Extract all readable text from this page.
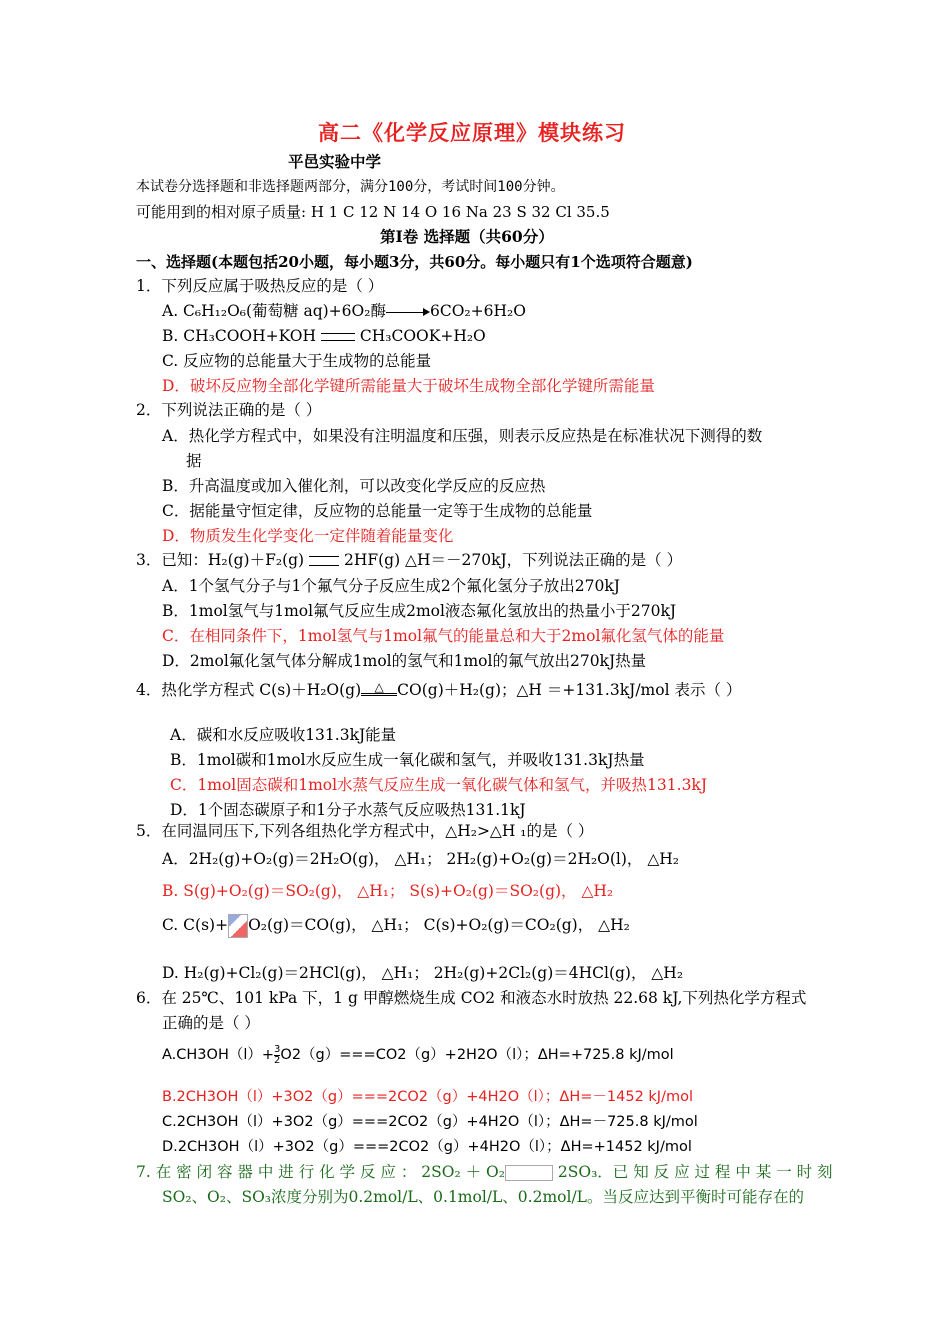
高二《化学反应原理》模块练习
平邑实验中学
本试卷分选择题和非选择题两部分，满分100分，考试时间100分钟。
可能用到的相对原子质量: H 1 C 12 N 14 O 16 Na 23 S 32 Cl 35.5
第Ⅰ卷 选择题（共60分）
一、选择题(本题包括20小题，每小题3分，共60分。每小题只有1个选项符合题意)
1．下列反应属于吸热反应的是（ ）
A. C₆H₁₂O₆(葡萄糖 aq)+6O₂酶	6CO₂+6H₂O
B. CH₃COOH+KOH	CH₃COOK+H₂O
C. 反应物的总能量大于生成物的总能量
D．破坏反应物全部化学键所需能量大于破坏生成物全部化学键所需能量
2．下列说法正确的是（ ）
A．热化学方程式中，如果没有注明温度和压强，则表示反应热是在标准状况下测得的数
据
B．升高温度或加入催化剂，可以改变化学反应的反应热
C．据能量守恒定律，反应物的总能量一定等于生成物的总能量
D．物质发生化学变化一定伴随着能量变化
3．已知：H₂(g)＋F₂(g)	2HF(g) △H＝－270kJ，下列说法正确的是（ ）
A．1个氢气分子与1个氟气分子反应生成2个氟化氢分子放出270kJ
B．1mol氢气与1mol氟气反应生成2mol液态氟化氢放出的热量小于270kJ
C．在相同条件下，1mol氢气与1mol氟气的能量总和大于2mol氟化氢气体的能量
D．2mol氟化氢气体分解成1mol的氢气和1mol的氟气放出270kJ热量
4．热化学方程式 C(s)＋H₂O(g) △ CO(g)＋H₂(g)；△H ＝+131.3kJ/mol 表示（ ）
A．碳和水反应吸收131.3kJ能量
B．1mol碳和1mol水反应生成一氧化碳和氢气，并吸收131.3kJ热量
C．1mol固态碳和1mol水蒸气反应生成一氧化碳气体和氢气，并吸热131.3kJ
D．1个固态碳原子和1分子水蒸气反应吸热131.1kJ
5．在同温同压下,下列各组热化学方程式中，△H₂>△H ₁的是（ ）
A．2H₂(g)+O₂(g)＝2H₂O(g)， △H₁； 2H₂(g)+O₂(g)＝2H₂O(l)， △H₂
B. S(g)+O₂(g)＝SO₂(g)， △H₁； S(s)+O₂(g)＝SO₂(g)， △H₂
C. C(s)+ O₂(g)＝CO(g)， △H₁； C(s)+O₂(g)＝CO₂(g)， △H₂
D. H₂(g)+Cl₂(g)＝2HCl(g)， △H₁； 2H₂(g)+2Cl₂(g)＝4HCl(g)， △H₂
6．在 25℃、101 kPa 下，1 g 甲醇燃烧生成 CO2 和液态水时放热 22.68 kJ,下列热化学方程式
正确的是（ ）
$A.CH3OH(l)+ \frac{3}{2} O2(g)===CO2(g)+2H2O(l)$；ΔH=+725.8 kJ/mol
B.2CH3OH（l）+3O2（g）===2CO2（g）+4H2O（l）；ΔH=－1452 kJ/mol
C.2CH3OH（l）+3O2（g）===2CO2（g）+4H2O（l）；ΔH=－725.8 kJ/mol
D.2CH3OH（l）+3O2（g）===2CO2（g）+4H2O（l）；ΔH=+1452 kJ/mol
7. 在 密 闭 容 器 中 进 行 化 学 反 应 ： 2SO₂ ＋ O₂	2SO₃．已 知 反 应 过 程 中 某 一 时 刻
SO₂、O₂、SO₃浓度分别为0.2mol/L、0.1mol/L、0.2mol/L。当反应达到平衡时可能存在的
